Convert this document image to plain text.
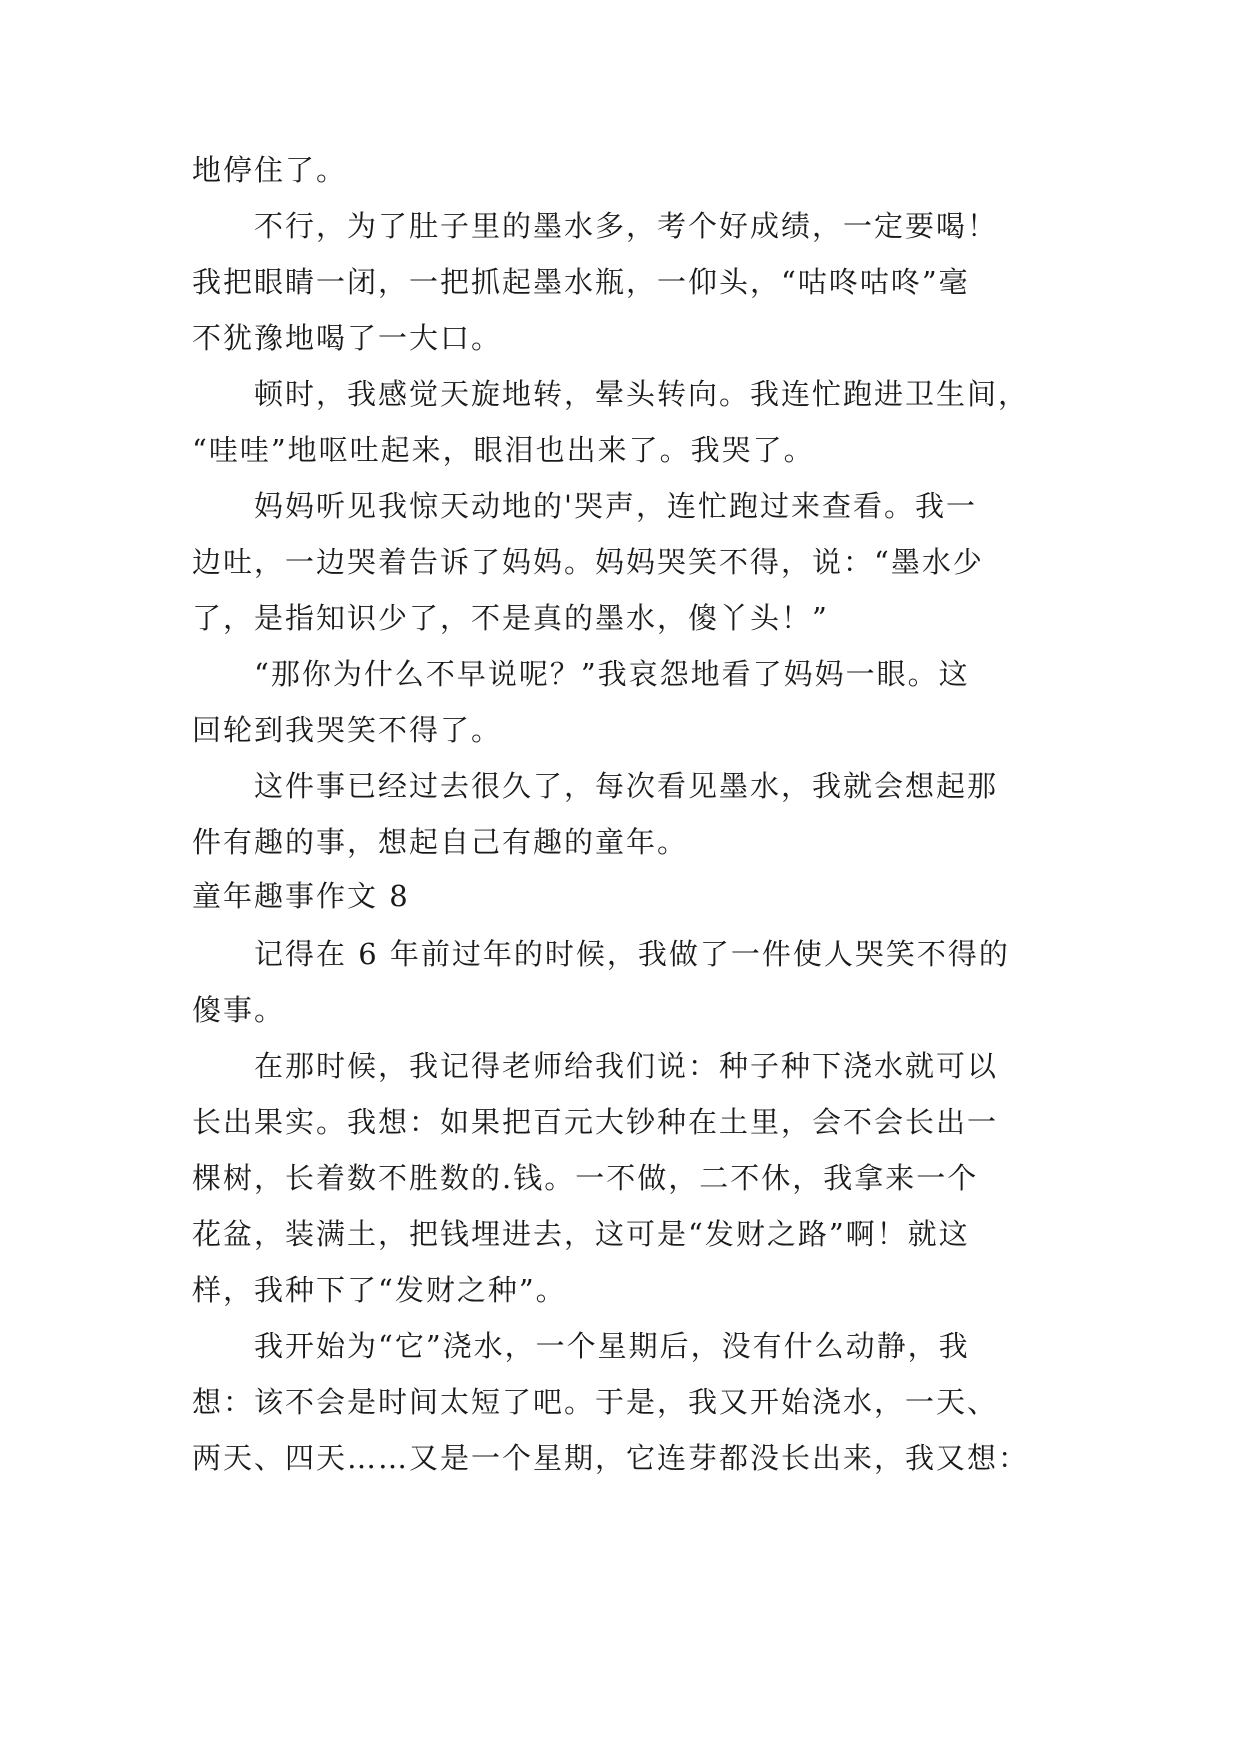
地停住了。
　　不行，为了肚子里的墨水多，考个好成绩，一定要喝！
我把眼睛一闭，一把抓起墨水瓶，一仰头，“咕咚咕咚”毫
不犹豫地喝了一大口。
　　顿时，我感觉天旋地转，晕头转向。我连忙跑进卫生间，
“哇哇”地呕吐起来，眼泪也出来了。我哭了。
　　妈妈听见我惊天动地的'哭声，连忙跑过来查看。我一
边吐，一边哭着告诉了妈妈。妈妈哭笑不得，说：“墨水少
了，是指知识少了，不是真的墨水，傻丫头！”
　　“那你为什么不早说呢？”我哀怨地看了妈妈一眼。这
回轮到我哭笑不得了。
　　这件事已经过去很久了，每次看见墨水，我就会想起那
件有趣的事，想起自己有趣的童年。
童年趣事作文 8
　　记得在 6 年前过年的时候，我做了一件使人哭笑不得的
傻事。
　　在那时候，我记得老师给我们说：种子种下浇水就可以
长出果实。我想：如果把百元大钞种在土里，会不会长出一
棵树，长着数不胜数的.钱。一不做，二不休，我拿来一个
花盆，装满土，把钱埋进去，这可是“发财之路”啊！就这
样，我种下了“发财之种”。
　　我开始为“它”浇水，一个星期后，没有什么动静，我
想：该不会是时间太短了吧。于是，我又开始浇水，一天、
两天、四天……又是一个星期，它连芽都没长出来，我又想：
